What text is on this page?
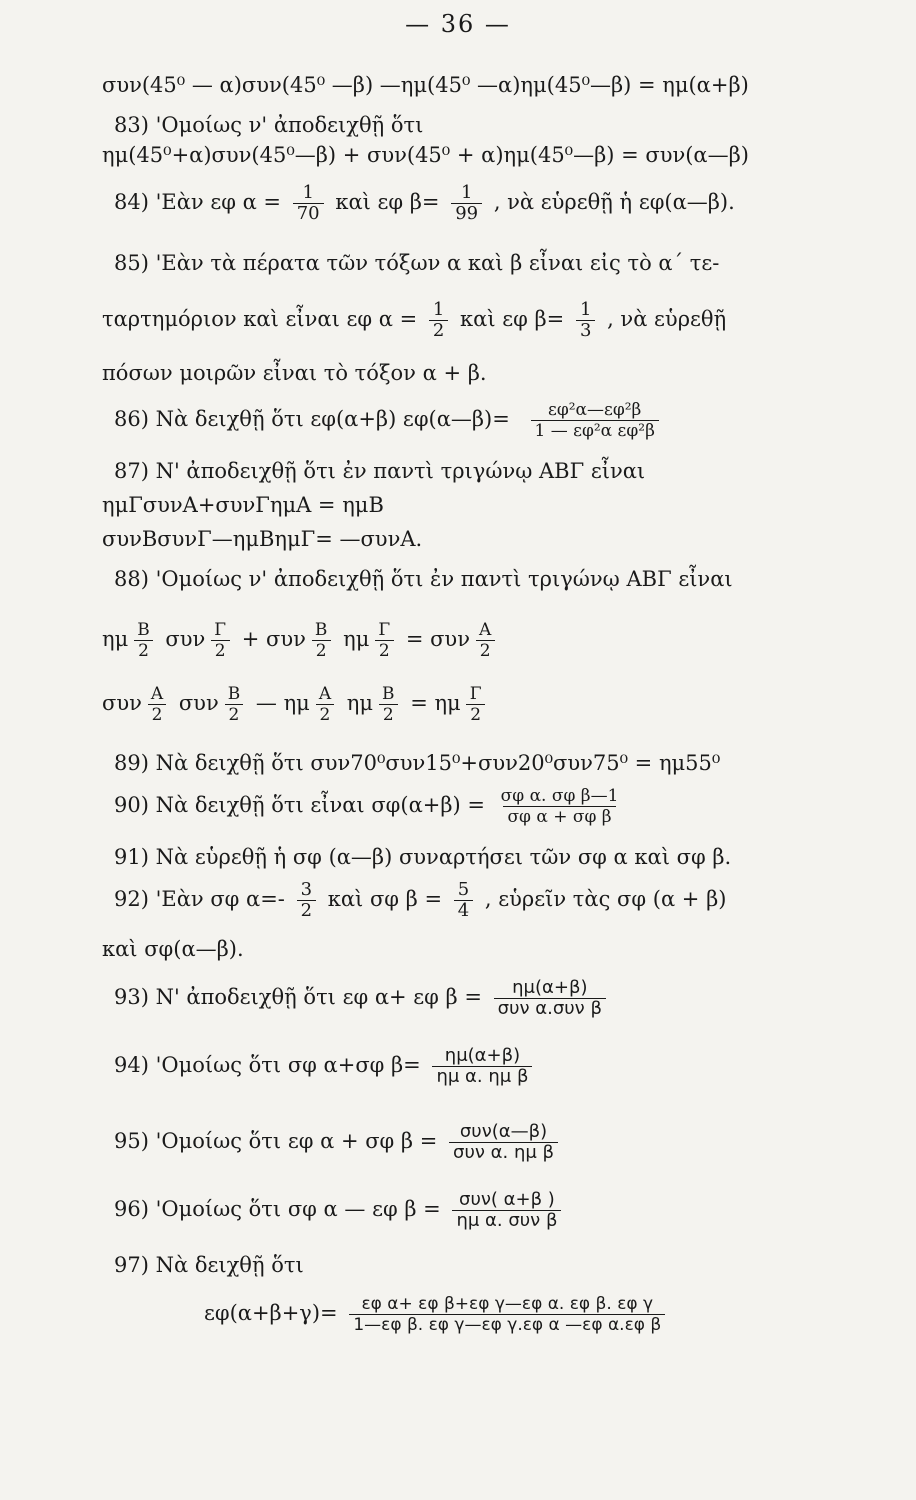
— 36 —
συν(45⁰ — α)συν(45⁰ —β) —ημ(45⁰ —α)ημ(45⁰—β) = ημ(α+β)
83) 'Ομοίως ν' ἀποδειχθῇ ὅτι
ημ(45⁰+α)συν(45⁰—β) + συν(45⁰ + α)ημ(45⁰—β) = συν(α—β)
84) 'Εὰν εφ $\alpha = \frac{1}{70}$ καὶ εφ $\beta= \frac{1}{99}$ , νὰ εὑρεθῇ ἡ εφ(α—β).
85) 'Εὰν τὰ πέρατα τῶν τόξων α καὶ β εἶναι εἰς τὸ α΄ τε-
ταρτημόριον καὶ εἶναι εφ $\alpha = \frac{1}{2}$ καὶ εφ $\beta= \frac{1}{3}$ , νὰ εὑρεθῇ
πόσων μοιρῶν εἶναι τὸ τόξον α + β.
86) Νὰ δειχθῇ ὅτι εφ(α+β) εφ(α—β)= $\frac{\text{εφ²α—εφ²β}}{\text{1 — εφ²α εφ²β}}$
87) Ν' ἀποδειχθῇ ὅτι ἐν παντὶ τριγώνῳ ΑΒΓ εἶναι
ημΓσυνΑ+συνΓημΑ = ημΒ
συνΒσυνΓ—ημΒημΓ= —συνΑ.
88) 'Ομοίως ν' ἀποδειχθῇ ὅτι ἐν παντὶ τριγώνῳ ΑΒΓ εἶναι
ημ $\frac{B}{2}$ συν $\frac{\Gamma}{2} + \sigma\upsilon\nu \frac{B}{2}$ ημ $\frac{\Gamma}{2} = \sigma\upsilon\nu \frac{A}{2}$
συν $\frac{A}{2}$ συν $\frac{B}{2}$ — ημ $\frac{A}{2}$ ημ $\frac{B}{2} = \eta\mu \frac{\Gamma}{2}$
89) Νὰ δειχθῇ ὅτι συν70⁰συν15⁰+συν20⁰συν75⁰ = ημ55⁰
90) Νὰ δειχθῇ ὅτι εἶναι $\sigma\varphi(\alpha+\beta) = \frac{\text{σφ α. σφ β—1}}{\text{σφ α + σφ β}}$
91) Νὰ εὑρεθῇ ἡ σφ (α—β) συναρτήσει τῶν σφ α καὶ σφ β.
92) 'Εὰν σφ $\alpha=- \frac{3}{2}$ καὶ σφ $\beta = \frac{5}{4}$ , εὑρεῖν τὰς σφ (α + β)
καὶ σφ(α—β).
93) Ν' ἀποδειχθῇ ὅτι εφ α+ εφ $\beta = \frac{\eta\mu(\alpha+\beta)}{\text{συν α.συν β}}$
94) 'Ομοίως ὅτι σφ α+σφ $\beta= \frac{\eta\mu(\alpha+\beta)}{\text{ημ α. ημ β}}$
95) 'Ομοίως ὅτι εφ α + σφ $\beta = \frac{\text{συν(α—β)}}{\text{συν α. ημ β}}$
96) 'Ομοίως ὅτι σφ α — εφ $\beta = \frac{\text{συν( α+β )}}{\text{ημ α. συν β}}$
97) Νὰ δειχθῇ ὅτι
$\varepsilon\varphi(\alpha+\beta+\gamma)= \frac{\text{εφ α+ εφ β+εφ γ—εφ α. εφ β. εφ γ}}{\text{1—εφ β. εφ γ—εφ γ.εφ α —εφ α.εφ β}}$
